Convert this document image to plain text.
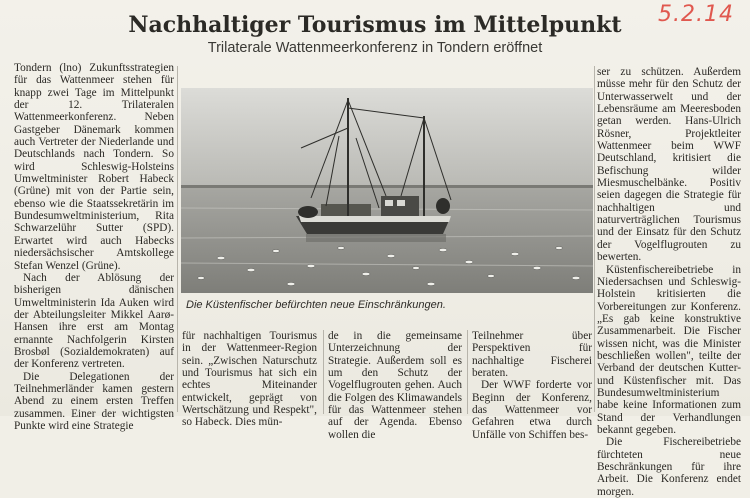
5.2.14
Nachhaltiger Tourismus im Mittelpunkt
Trilaterale Wattenmeerkonferenz in Tondern eröffnet

Tondern (lno) Zukunftsstrategien für das Wattenmeer stehen für knapp zwei Tage im Mittelpunkt der 12. Trilateralen Wattenmeerkonferenz. Neben Gastgeber Dänemark kommen auch Vertreter der Niederlande und Deutschlands nach Tondern. So wird Schleswig-Holsteins Umweltminister Robert Habeck (Grüne) mit von der Partie sein, ebenso wie die Staatssekretärin im Bundesumweltministerium, Rita Schwarzelühr Sutter (SPD). Erwartet wird auch Habecks niedersächsischer Amtskollege Stefan Wenzel (Grüne).

Nach der Ablösung der bisherigen dänischen Umweltministerin Ida Auken wird der Abteilungsleiter Mikkel Aarø-Hansen ihre erst am Montag ernannte Nachfolgerin Kirsten Brosbøl (Sozialdemokraten) auf der Konferenz vertreten.

Die Delegationen der Teilnehmerländer kamen gestern Abend zu einem ersten Treffen zusammen. Einer der wichtigsten Punkte wird eine Strategie

Die Küstenfischer befürchten neue Einschränkungen.
für nachhaltigen Tourismus in der Wattenmeer-Region sein. „Zwischen Naturschutz und Tourismus hat sich ein echtes Miteinander entwickelt, geprägt von Wertschätzung und Respekt", so Habeck. Dies mün-
de in die gemeinsame Unterzeichnung der Strategie. Außerdem soll es um den Schutz der Vogelflugrouten gehen. Auch die Folgen des Klimawandels für das Wattenmeer stehen auf der Agenda. Ebenso wollen die
Teilnehmer über Perspektiven für nachhaltige Fischerei beraten.
Der WWF forderte vor Beginn der Konferenz, das Wattenmeer vor Gefahren etwa durch Unfälle von Schiffen bes-

ser zu schützen. Außerdem müsse mehr für den Schutz der Unterwasserwelt und der Lebensräume am Meeresboden getan werden. Hans-Ulrich Rösner, Projektleiter Wattenmeer beim WWF Deutschland, kritisiert die Befischung wilder Miesmuschelbänke. Positiv seien dagegen die Strategie für nachhaltigen und naturverträglichen Tourismus und der Einsatz für den Schutz der Vogelflugrouten zu bewerten.

Küstenfischereibetriebe in Niedersachsen und Schleswig-Holstein kritisierten die Vorbereitungen zur Konferenz. „Es gab keine konstruktive Zusammenarbeit. Die Fischer wissen nicht, was die Minister beschließen wollen", teilte der Verband der deutschen Kutter- und Küstenfischer mit. Das Bundesumweltministerium habe keine Informationen zum Stand der Verhandlungen bekannt gegeben.

Die Fischereibetriebe fürchteten neue Beschränkungen für ihre Arbeit. Die Konferenz endet morgen.
